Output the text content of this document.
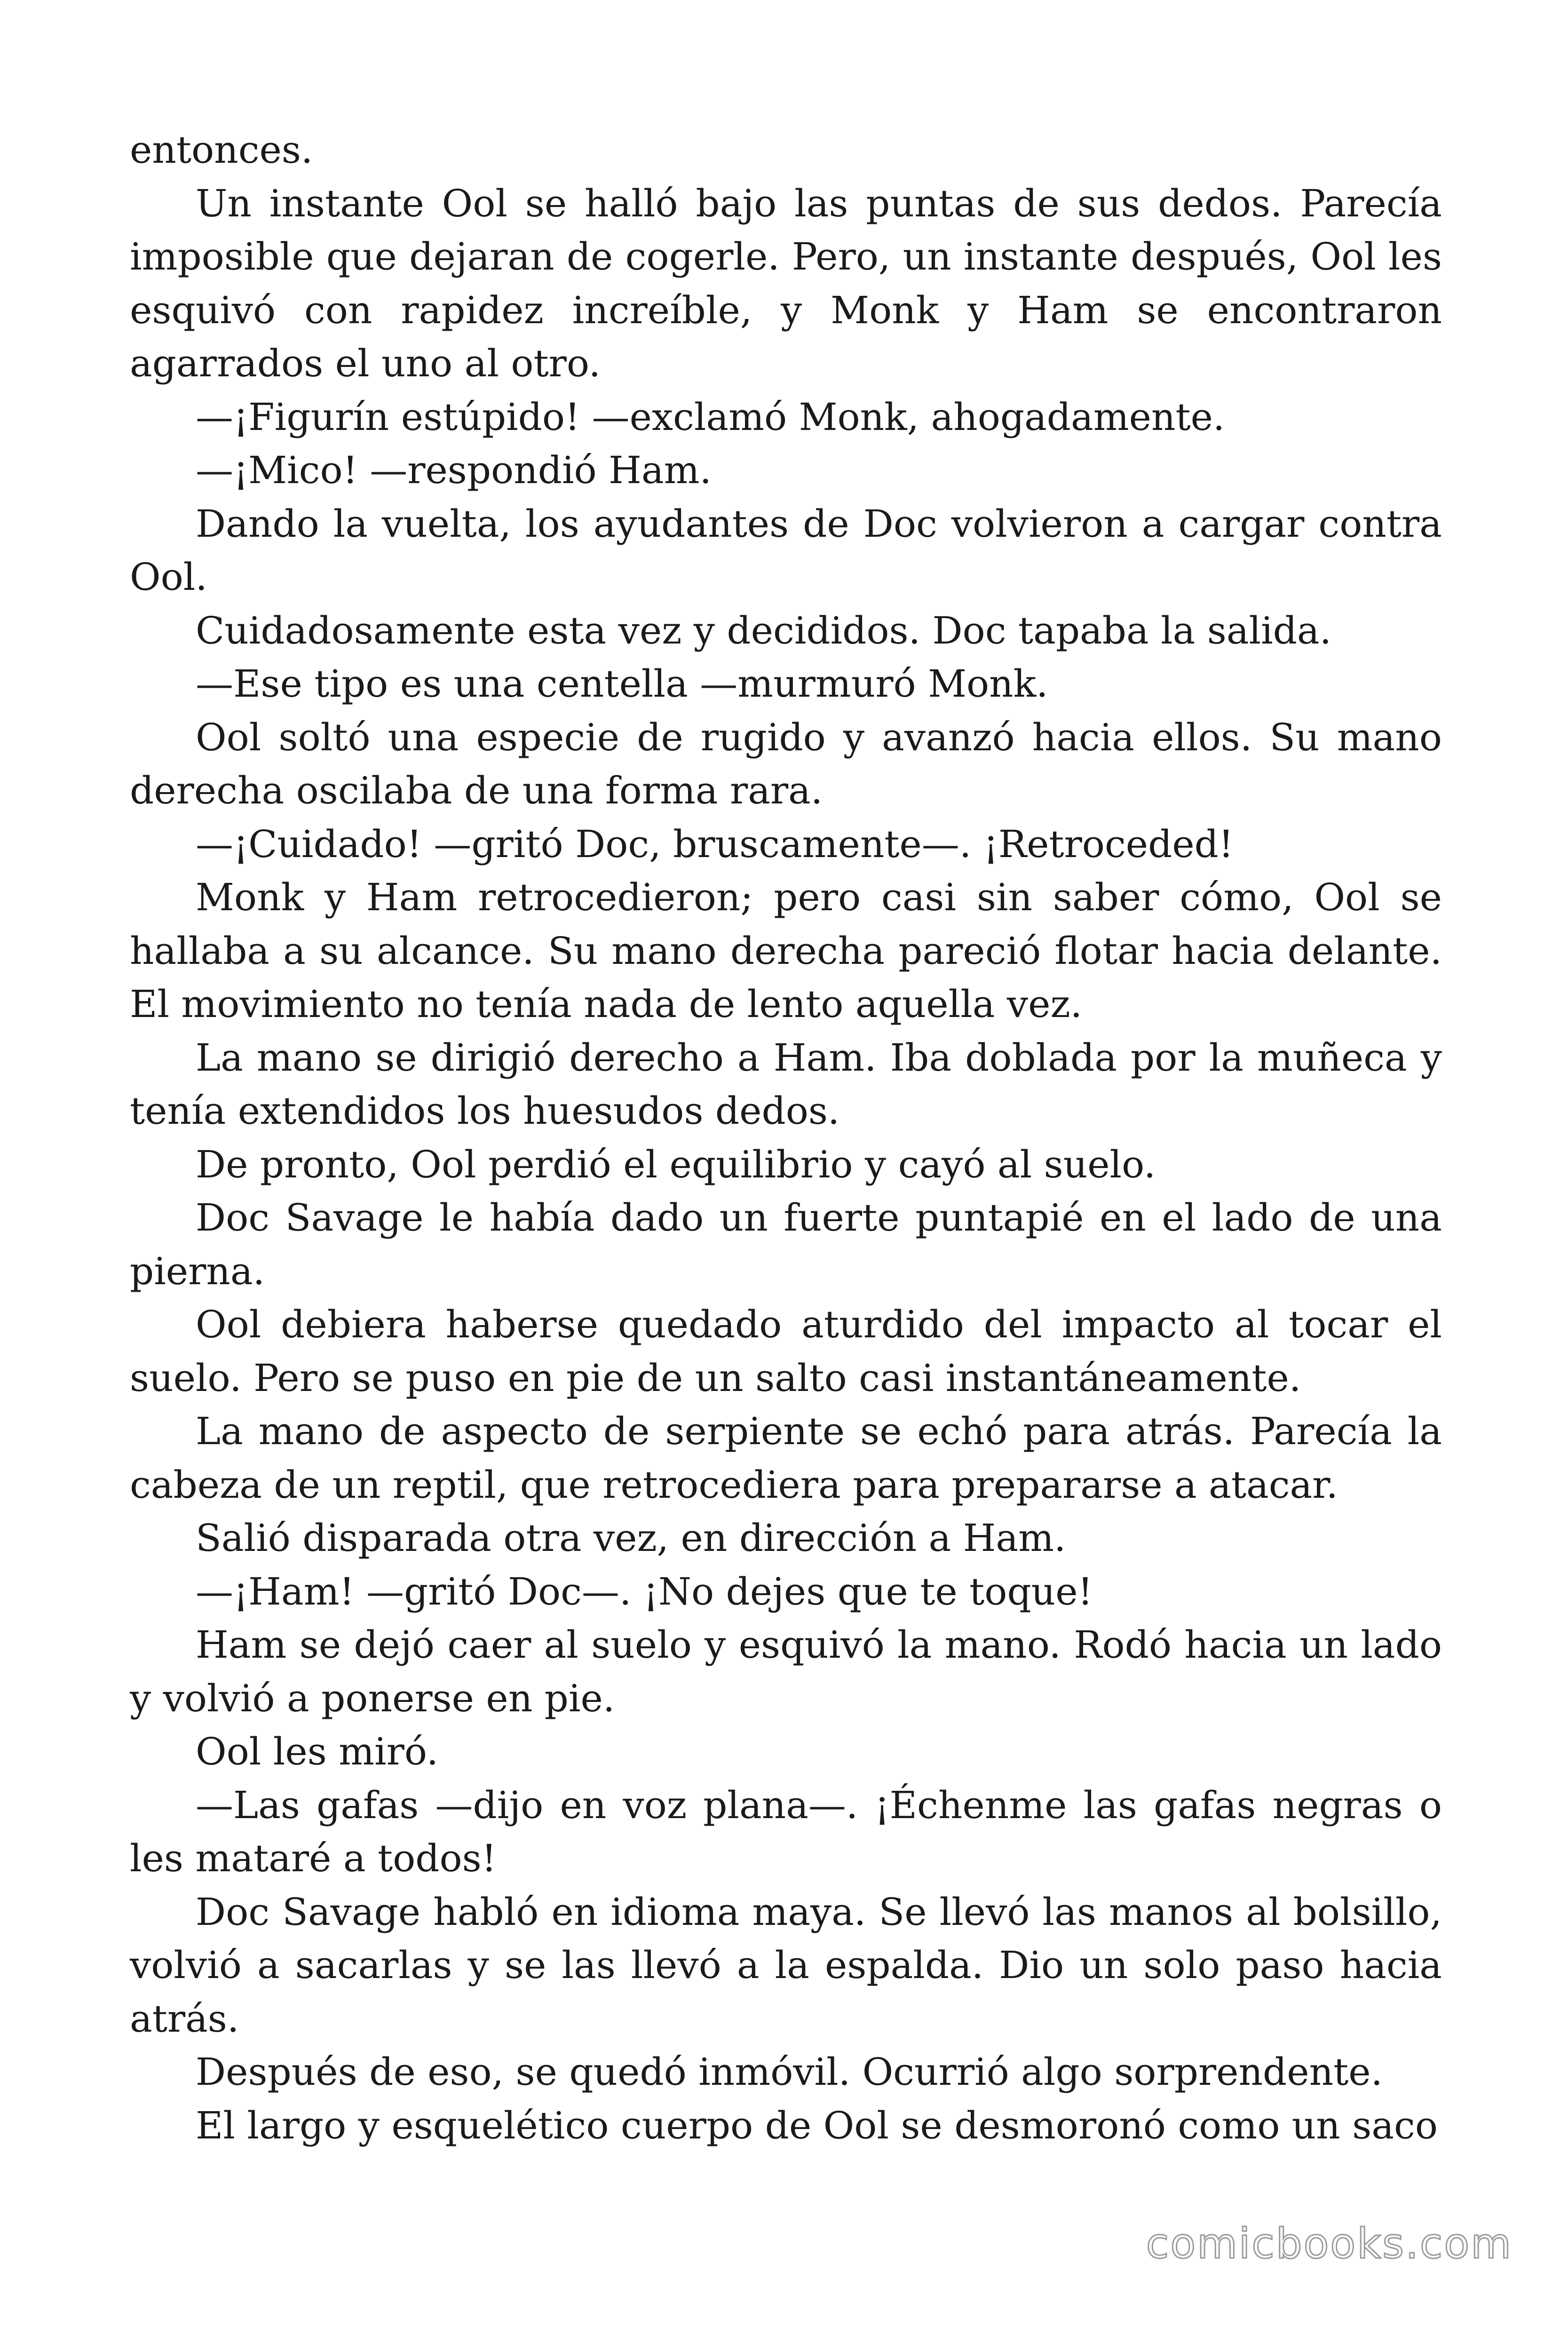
entonces.

Un instante Ool se halló bajo las puntas de sus dedos. Parecía imposible que dejaran de cogerle. Pero, un instante después, Ool les esquivó con rapidez increíble, y Monk y Ham se encontraron agarrados el uno al otro.

—¡Figurín estúpido! —exclamó Monk, ahogadamente.

—¡Mico! —respondió Ham.

Dando la vuelta, los ayudantes de Doc volvieron a cargar contra Ool.

Cuidadosamente esta vez y decididos. Doc tapaba la salida.

—Ese tipo es una centella —murmuró Monk.

Ool soltó una especie de rugido y avanzó hacia ellos. Su mano derecha oscilaba de una forma rara.

—¡Cuidado! —gritó Doc, bruscamente—. ¡Retroceded!

Monk y Ham retrocedieron; pero casi sin saber cómo, Ool se hallaba a su alcance. Su mano derecha pareció flotar hacia delante. El movimiento no tenía nada de lento aquella vez.

La mano se dirigió derecho a Ham. Iba doblada por la muñeca y tenía extendidos los huesudos dedos.

De pronto, Ool perdió el equilibrio y cayó al suelo.

Doc Savage le había dado un fuerte puntapié en el lado de una pierna.

Ool debiera haberse quedado aturdido del impacto al tocar el suelo. Pero se puso en pie de un salto casi instantáneamente.

La mano de aspecto de serpiente se echó para atrás. Parecía la cabeza de un reptil, que retrocediera para prepararse a atacar.

Salió disparada otra vez, en dirección a Ham.

—¡Ham! —gritó Doc—. ¡No dejes que te toque!

Ham se dejó caer al suelo y esquivó la mano. Rodó hacia un lado y volvió a ponerse en pie.

Ool les miró.

—Las gafas —dijo en voz plana—. ¡Échenme las gafas negras o les mataré a todos!

Doc Savage habló en idioma maya. Se llevó las manos al bolsillo, volvió a sacarlas y se las llevó a la espalda. Dio un solo paso hacia atrás.

Después de eso, se quedó inmóvil. Ocurrió algo sorprendente.

El largo y esquelético cuerpo de Ool se desmoronó como un saco

comicbooks.com
